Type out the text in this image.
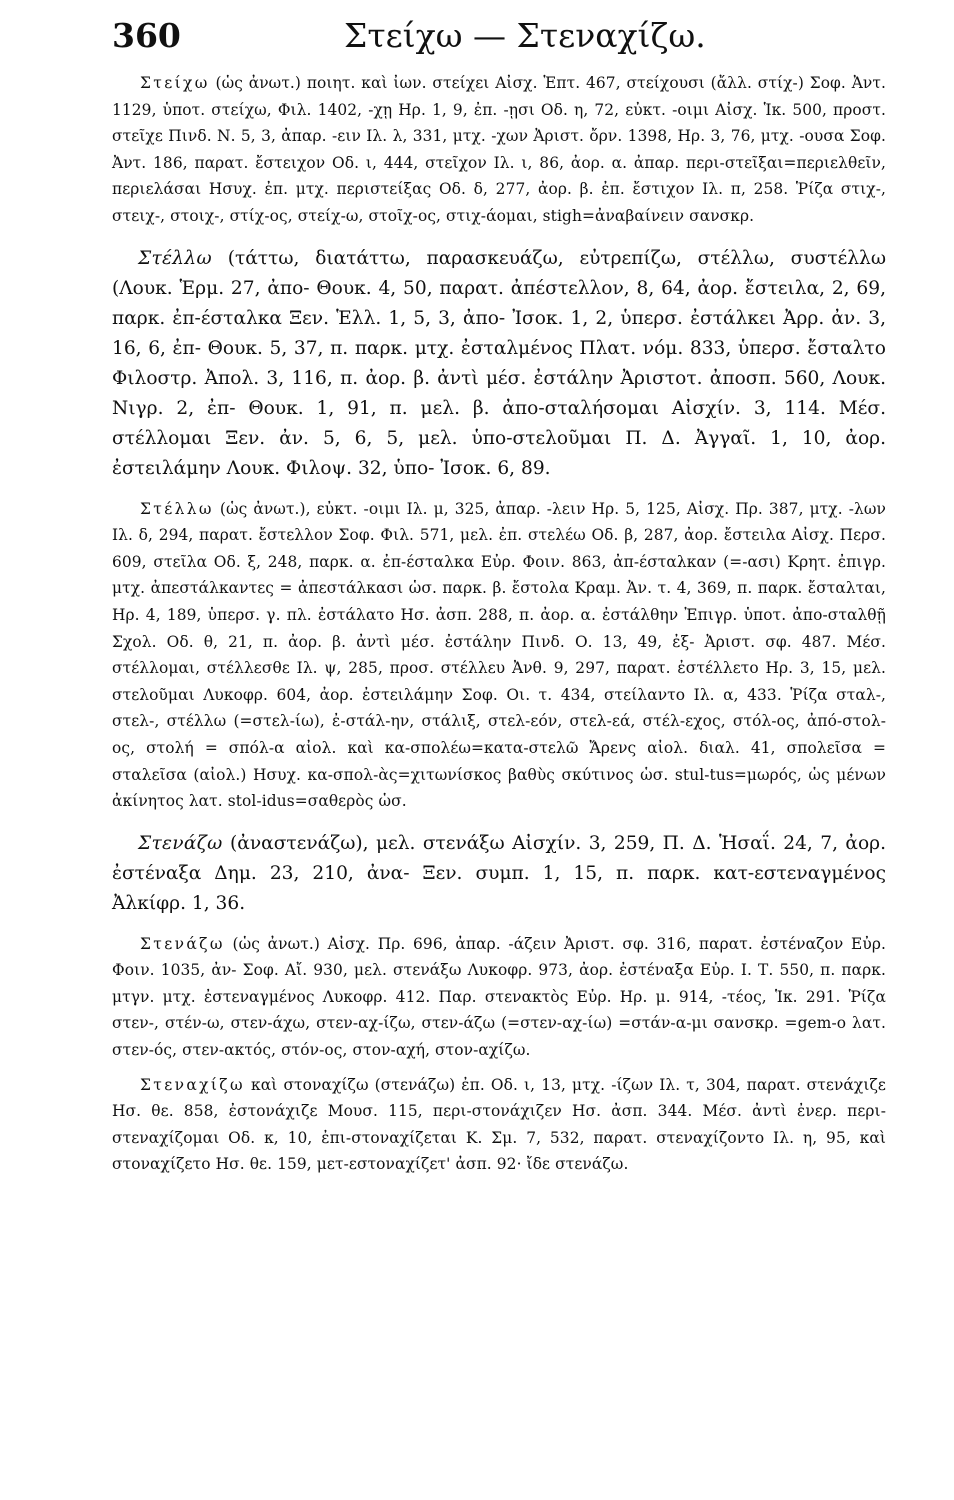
360	Στείχω — Στεναχίζω.

Στείχω (ὡς ἀνωτ.) ποιητ. καὶ ἰων. στείχει Αἰσχ. Ἑπτ. 467, στείχουσι (ἄλλ. στίχ-) Σοφ. Ἀντ. 1129, ὑποτ. στείχω, Φιλ. 1402, -χῃ Ηρ. 1, 9, ἐπ. -ῃσι Οδ. η, 72, εὐκτ. -οιμι Αἰσχ. Ἱκ. 500, προστ. στεῖχε Πινδ. Ν. 5, 3, ἀπαρ. -ειν Ιλ. λ, 331, μτχ. -χων Ἀριστ. ὄρν. 1398, Ηρ. 3, 76, μτχ. -ουσα Σοφ. Ἀντ. 186, παρατ. ἔστειχον Οδ. ι, 444, στεῖχον Ιλ. ι, 86, ἀορ. α. ἀπαρ. περι-στεῖξαι=περιελθεῖν, περιελάσαι Ησυχ. ἐπ. μτχ. περιστείξας Οδ. δ, 277, ἀορ. β. ἐπ. ἔστιχον Ιλ. π, 258. Ῥίζα στιχ-, στειχ-, στοιχ-, στίχ-ος, στείχ-ω, στοῖχ-ος, στιχ-άομαι, stigh=ἀναβαίνειν σανσκρ.

Στέλλω (τάττω, διατάττω, παρασκευάζω, εὐτρεπίζω, στέλλω, συστέλλω (Λουκ. Ἑρμ. 27, ἀπο- Θουκ. 4, 50, παρατ. ἀπέστελλον, 8, 64, ἀορ. ἔστειλα, 2, 69, παρκ. ἐπ-έσταλκα Ξεν. Ἑλλ. 1, 5, 3, ἀπο- Ἰσοκ. 1, 2, ὑπερσ. ἐστάλκει Ἀρρ. ἀν. 3, 16, 6, ἐπ- Θουκ. 5, 37, π. παρκ. μτχ. ἐσταλμένος Πλατ. νόμ. 833, ὑπερσ. ἔσταλτο Φιλοστρ. Ἀπολ. 3, 116, π. ἀορ. β. ἀντὶ μέσ. ἐστάλην Ἀριστοτ. ἀποσπ. 560, Λουκ. Νιγρ. 2, ἐπ- Θουκ. 1, 91, π. μελ. β. ἀπο-σταλήσομαι Αἰσχίν. 3, 114. Μέσ. στέλλομαι Ξεν. ἀν. 5, 6, 5, μελ. ὑπο-στελοῦμαι Π. Δ. Ἀγγαῖ. 1, 10, ἀορ. ἐστειλάμην Λουκ. Φιλοψ. 32, ὑπο- Ἰσοκ. 6, 89.

Στέλλω (ὡς ἀνωτ.), εὐκτ. -οιμι Ιλ. μ, 325, ἀπαρ. -λειν Ηρ. 5, 125, Αἰσχ. Πρ. 387, μτχ. -λων Ιλ. δ, 294, παρατ. ἔστελλον Σοφ. Φιλ. 571, μελ. ἐπ. στελέω Οδ. β, 287, ἀορ. ἔστειλα Αἰσχ. Περσ. 609, στεῖλα Οδ. ξ, 248, παρκ. α. ἐπ-έσταλκα Εὐρ. Φοιν. 863, ἀπ-έσταλκαν (=-ασι) Κρητ. ἐπιγρ. μτχ. ἀπεστάλκαντες = ἀπεστάλκασι ὡσ. παρκ. β. ἔστολα Κραμ. Ἀν. τ. 4, 369, π. παρκ. ἔσταλται, Ηρ. 4, 189, ὑπερσ. γ. πλ. ἐστάλατο Ησ. ἀσπ. 288, π. ἀορ. α. ἐστάλθην Ἐπιγρ. ὑποτ. ἀπο-σταλθῇ Σχολ. Οδ. θ, 21, π. ἀορ. β. ἀντὶ μέσ. ἐστάλην Πινδ. Ο. 13, 49, ἐξ- Ἀριστ. σφ. 487. Μέσ. στέλλομαι, στέλλεσθε Ιλ. ψ, 285, προσ. στέλλευ Ἀνθ. 9, 297, παρατ. ἐστέλλετο Ηρ. 3, 15, μελ. στελοῦμαι Λυκοφρ. 604, ἀορ. ἐστειλάμην Σοφ. Οι. τ. 434, στείλαντο Ιλ. α, 433. Ῥίζα σταλ-, στελ-, στέλλω (=στελ-ίω), ἐ-στάλ-ην, στάλιξ, στελ-εόν, στελ-εά, στέλ-εχος, στόλ-ος, ἀπό-στολ-ος, στολή = σπόλ-α αἰολ. καὶ κα-σπολέω=κατα-στελῶ Ἄρενς αἰολ. διαλ. 41, σπολεῖσα = σταλεῖσα (αἰολ.) Ησυχ. κα-σπολ-ὰς=χιτωνίσκος βαθὺς σκύτινος ὡσ. stul-tus=μωρός, ὡς μένων ἀκίνητος λατ. stol-idus=σαθερὸς ὡσ.

Στενάζω (ἀναστενάζω), μελ. στενάξω Αἰσχίν. 3, 259, Π. Δ. Ἡσαΐ. 24, 7, ἀορ. ἐστέναξα Δημ. 23, 210, ἀνα- Ξεν. συμπ. 1, 15, π. παρκ. κατ-εστεναγμένος Ἀλκίφρ. 1, 36.

Στενάζω (ὡς ἀνωτ.) Αἰσχ. Πρ. 696, ἀπαρ. -άζειν Ἀριστ. σφ. 316, παρατ. ἐστέναζον Εὐρ. Φοιν. 1035, ἀν- Σοφ. Αἴ. 930, μελ. στενάξω Λυκοφρ. 973, ἀορ. ἐστέναξα Εὐρ. Ι. Τ. 550, π. παρκ. μτγν. μτχ. ἐστεναγμένος Λυκοφρ. 412. Παρ. στενακτὸς Εὐρ. Ηρ. μ. 914, -τέος, Ἱκ. 291. Ῥίζα στεν-, στέν-ω, στεν-άχω, στεν-αχ-ίζω, στεν-άζω (=στεν-αχ-ίω) =στάν-α-μι σανσκρ. =gem-o λατ. στεν-ός, στεν-ακτός, στόν-ος, στον-αχή, στον-αχίζω.

Στεναχίζω καὶ στοναχίζω (στενάζω) ἐπ. Οδ. ι, 13, μτχ. -ίζων Ιλ. τ, 304, παρατ. στενάχιζε Ησ. θε. 858, ἐστονάχιζε Μουσ. 115, περι-στονάχιζεν Ησ. ἀσπ. 344. Μέσ. ἀντὶ ἐνερ. περι-στεναχίζομαι Οδ. κ, 10, ἐπι-στοναχίζεται Κ. Σμ. 7, 532, παρατ. στεναχίζοντο Ιλ. η, 95, καὶ στοναχίζετο Ησ. θε. 159, μετ-εστοναχίζετ' ἀσπ. 92· ἴδε στενάζω.
